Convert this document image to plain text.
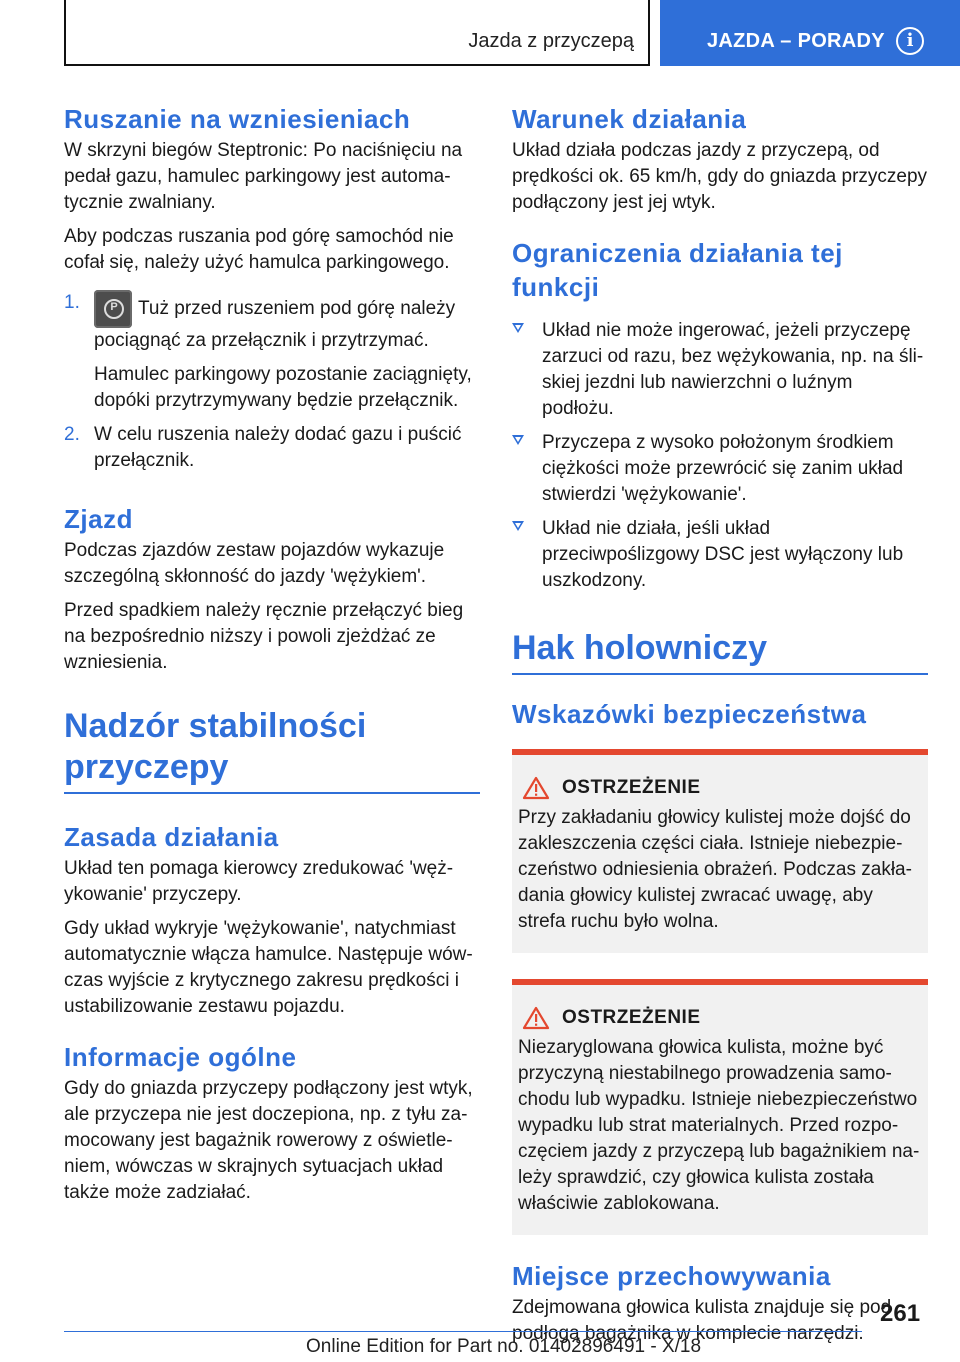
Jazda z przyczepą	JAZDA – PORADY	i
Ruszanie na wzniesieniach

W skrzyni biegów Steptronic: Po naciśnięciu na pedał gazu, hamulec parkingowy jest automatycznie zwalniany.

Aby podczas ruszania pod górę samochód nie cofał się, należy użyć hamulca parkingowego.

1.
P	Tuż przed ruszeniem pod górę należy pociągnąć za przełącznik i przytrzymać.

Hamulec parkingowy pozostanie zaciągnięty, dopóki przytrzymywany będzie przełącznik.

2. W celu ruszenia należy dodać gazu i puścić przełącznik.
Zjazd

Podczas zjazdów zestaw pojazdów wykazuje szczególną skłonność do jazdy 'wężykiem'.

Przed spadkiem należy ręcznie przełączyć bieg na bezpośrednio niższy i powoli zjeżdżać ze wzniesienia.

Nadzór stabilności przyczepy
Zasada działania

Układ ten pomaga kierowcy zredukować 'wężykowanie' przyczepy.

Gdy układ wykryje 'wężykowanie', natychmiast automatycznie włącza hamulce. Następuje wówczas wyjście z krytycznego zakresu prędkości i ustabilizowanie zestawu pojazdu.

Informacje ogólne

Gdy do gniazda przyczepy podłączony jest wtyk, ale przyczepa nie jest doczepiona, np. z tyłu zamocowany jest bagażnik rowerowy z oświetleniem, wówczas w skrajnych sytuacjach układ także może zadziałać.

Warunek działania

Układ działa podczas jazdy z przyczepą, od prędkości ok. 65 km/h, gdy do gniazda przyczepy podłączony jest jej wtyk.

Ograniczenia działania tej funkcji
Układ nie może ingerować, jeżeli przyczepę zarzuci od razu, bez wężykowania, np. na śliskiej jezdni lub nawierzchni o luźnym podłożu.
Przyczepa z wysoko położonym środkiem ciężkości może przewrócić się zanim układ stwierdzi 'wężykowanie'.
Układ nie działa, jeśli układ przeciwpoślizgowy DSC jest wyłączony lub uszkodzony.
Hak holowniczy
Wskazówki bezpieczeństwa
OSTRZEŻENIE

Przy zakładaniu głowicy kulistej może dojść do zakleszczenia części ciała. Istnieje niebezpieczeństwo odniesienia obrażeń. Podczas zakładania głowicy kulistej zwracać uwagę, aby strefa ruchu było wolna.

OSTRZEŻENIE

Niezaryglowana głowica kulista, możne być przyczyną niestabilnego prowadzenia samochodu lub wypadku. Istnieje niebezpieczeństwo wypadku lub strat materialnych. Przed rozpoczęciem jazdy z przyczepą lub bagażnikiem należy sprawdzić, czy głowica kulista została właściwie zablokowana.

Miejsce przechowywania

Zdejmowana głowica kulista znajduje się pod podłogą bagażnika w komplecie narzędzi.

261
Online Edition for Part no. 01402896491 - X/18
